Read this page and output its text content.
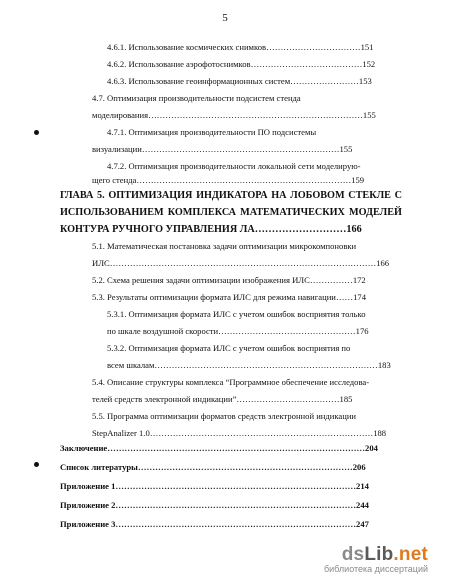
5
4.6.1. Использование космических снимков……………………………151
4.6.2. Использование аэрофотоснимков…………………………………152
4.6.3. Использование геоинформационных систем……………………153
4.7. Оптимизация производительности подсистем стенда
моделирования…………………………………………………………………155
4.7.1. Оптимизация производительности ПО подсистемы
визуализации……………………………………………………………155
4.7.2. Оптимизация производительности локальной сети моделирую-
щего стенда…………………………………………………………………159
ГЛАВА 5. ОПТИМИЗАЦИЯ ИНДИКАТОРА НА ЛОБОВОМ СТЕКЛЕ С
ИСПОЛЬЗОВАНИЕМ КОМПЛЕКСА МАТЕМАТИЧЕСКИХ МОДЕЛЕЙ
КОНТУРА РУЧНОГО УПРАВЛЕНИЯ ЛА………………………166
5.1. Математическая постановка задачи оптимизации микрокомпоновки
ИЛС…………………………………………………………………………………166
5.2. Схема решения задачи оптимизации изображения ИЛС……………172
5.3. Результаты оптимизации формата ИЛС для режима навигации……174
5.3.1. Оптимизация формата ИЛС с учетом ошибок восприятия только
по шкале воздушной скорости…………………………………………176
5.3.2. Оптимизация формата ИЛС с учетом ошибок восприятия по
всем шкалам……………………………………………………………………183
5.4. Описание структуры комплекса “Программное обеспечение исследова-
телей средств электронной индикации”………………………………185
5.5. Программа оптимизации форматов средств электронной индикации
StepAnalizer 1.0……………………………………………………………………188
Заключение………………………………………………………………………………204
Список литературы…………………………………………………………………206
Приложение 1…………………………………………………………………………214
Приложение 2…………………………………………………………………………244
Приложение 3…………………………………………………………………………247
dsLib.net
библиотека диссертаций
